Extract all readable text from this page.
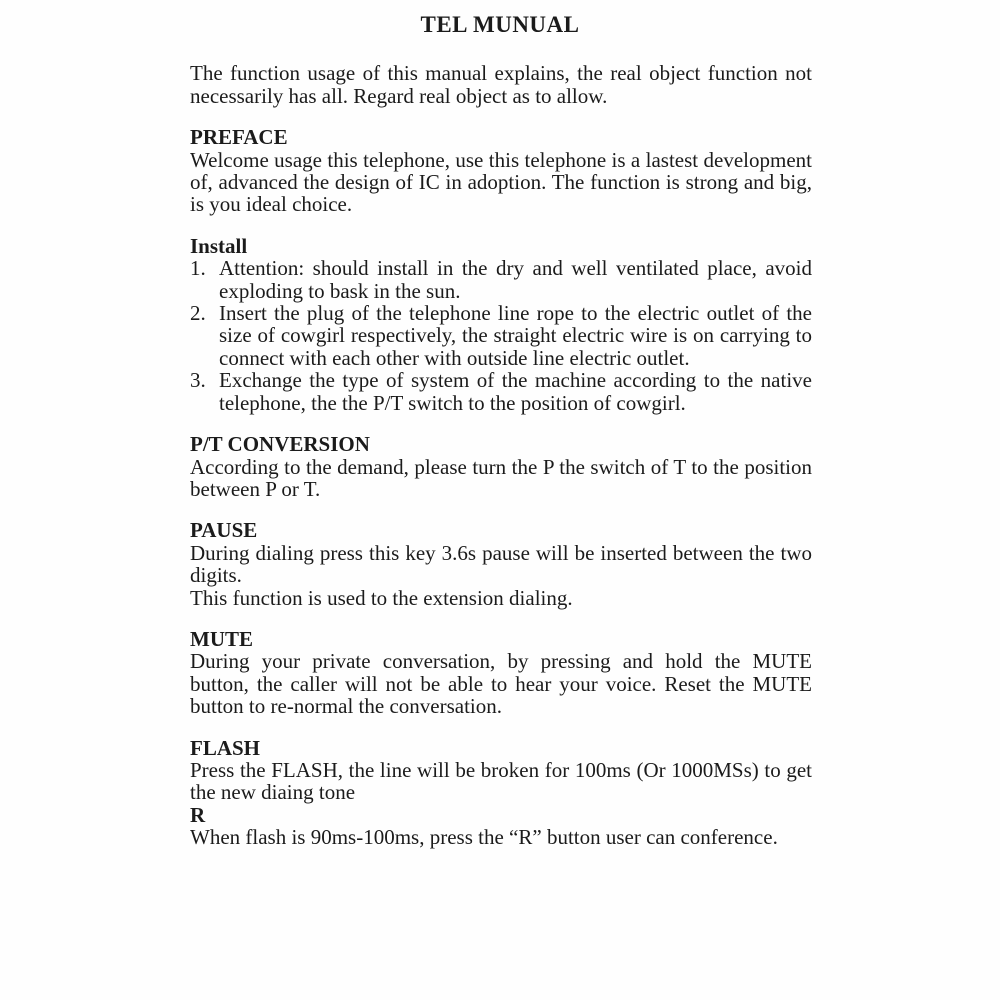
TEL MUNUAL

The function usage of this manual explains, the real object function not necessarily has all. Regard real object as to allow.

PREFACE

Welcome usage this telephone, use this telephone is a lastest development of, advanced the design of IC in adoption. The function is strong and big, is you ideal choice.

Install
1. Attention: should install in the dry and well ventilated place, avoid exploding to bask in the sun.
2. Insert the plug of the telephone line rope to the electric outlet of the size of cowgirl respectively, the straight electric wire is on carrying to connect with each other with outside line electric outlet.
3. Exchange the type of system of the machine according to the native telephone, the the P/T switch to the position of cowgirl.
P/T CONVERSION

According to the demand, please turn the P the switch of T to the position between P or T.

PAUSE

During dialing press this key 3.6s pause will be inserted between the two digits.

This function is used to the extension dialing.

MUTE

During your private conversation, by pressing and hold the MUTE button, the caller will not be able to hear your voice. Reset the MUTE button to re-normal the conversation.

FLASH

Press the FLASH, the line will be broken for 100ms (Or 1000MSs) to get the new diaing tone

R

When flash is 90ms-100ms, press the “R” button user can conference.
